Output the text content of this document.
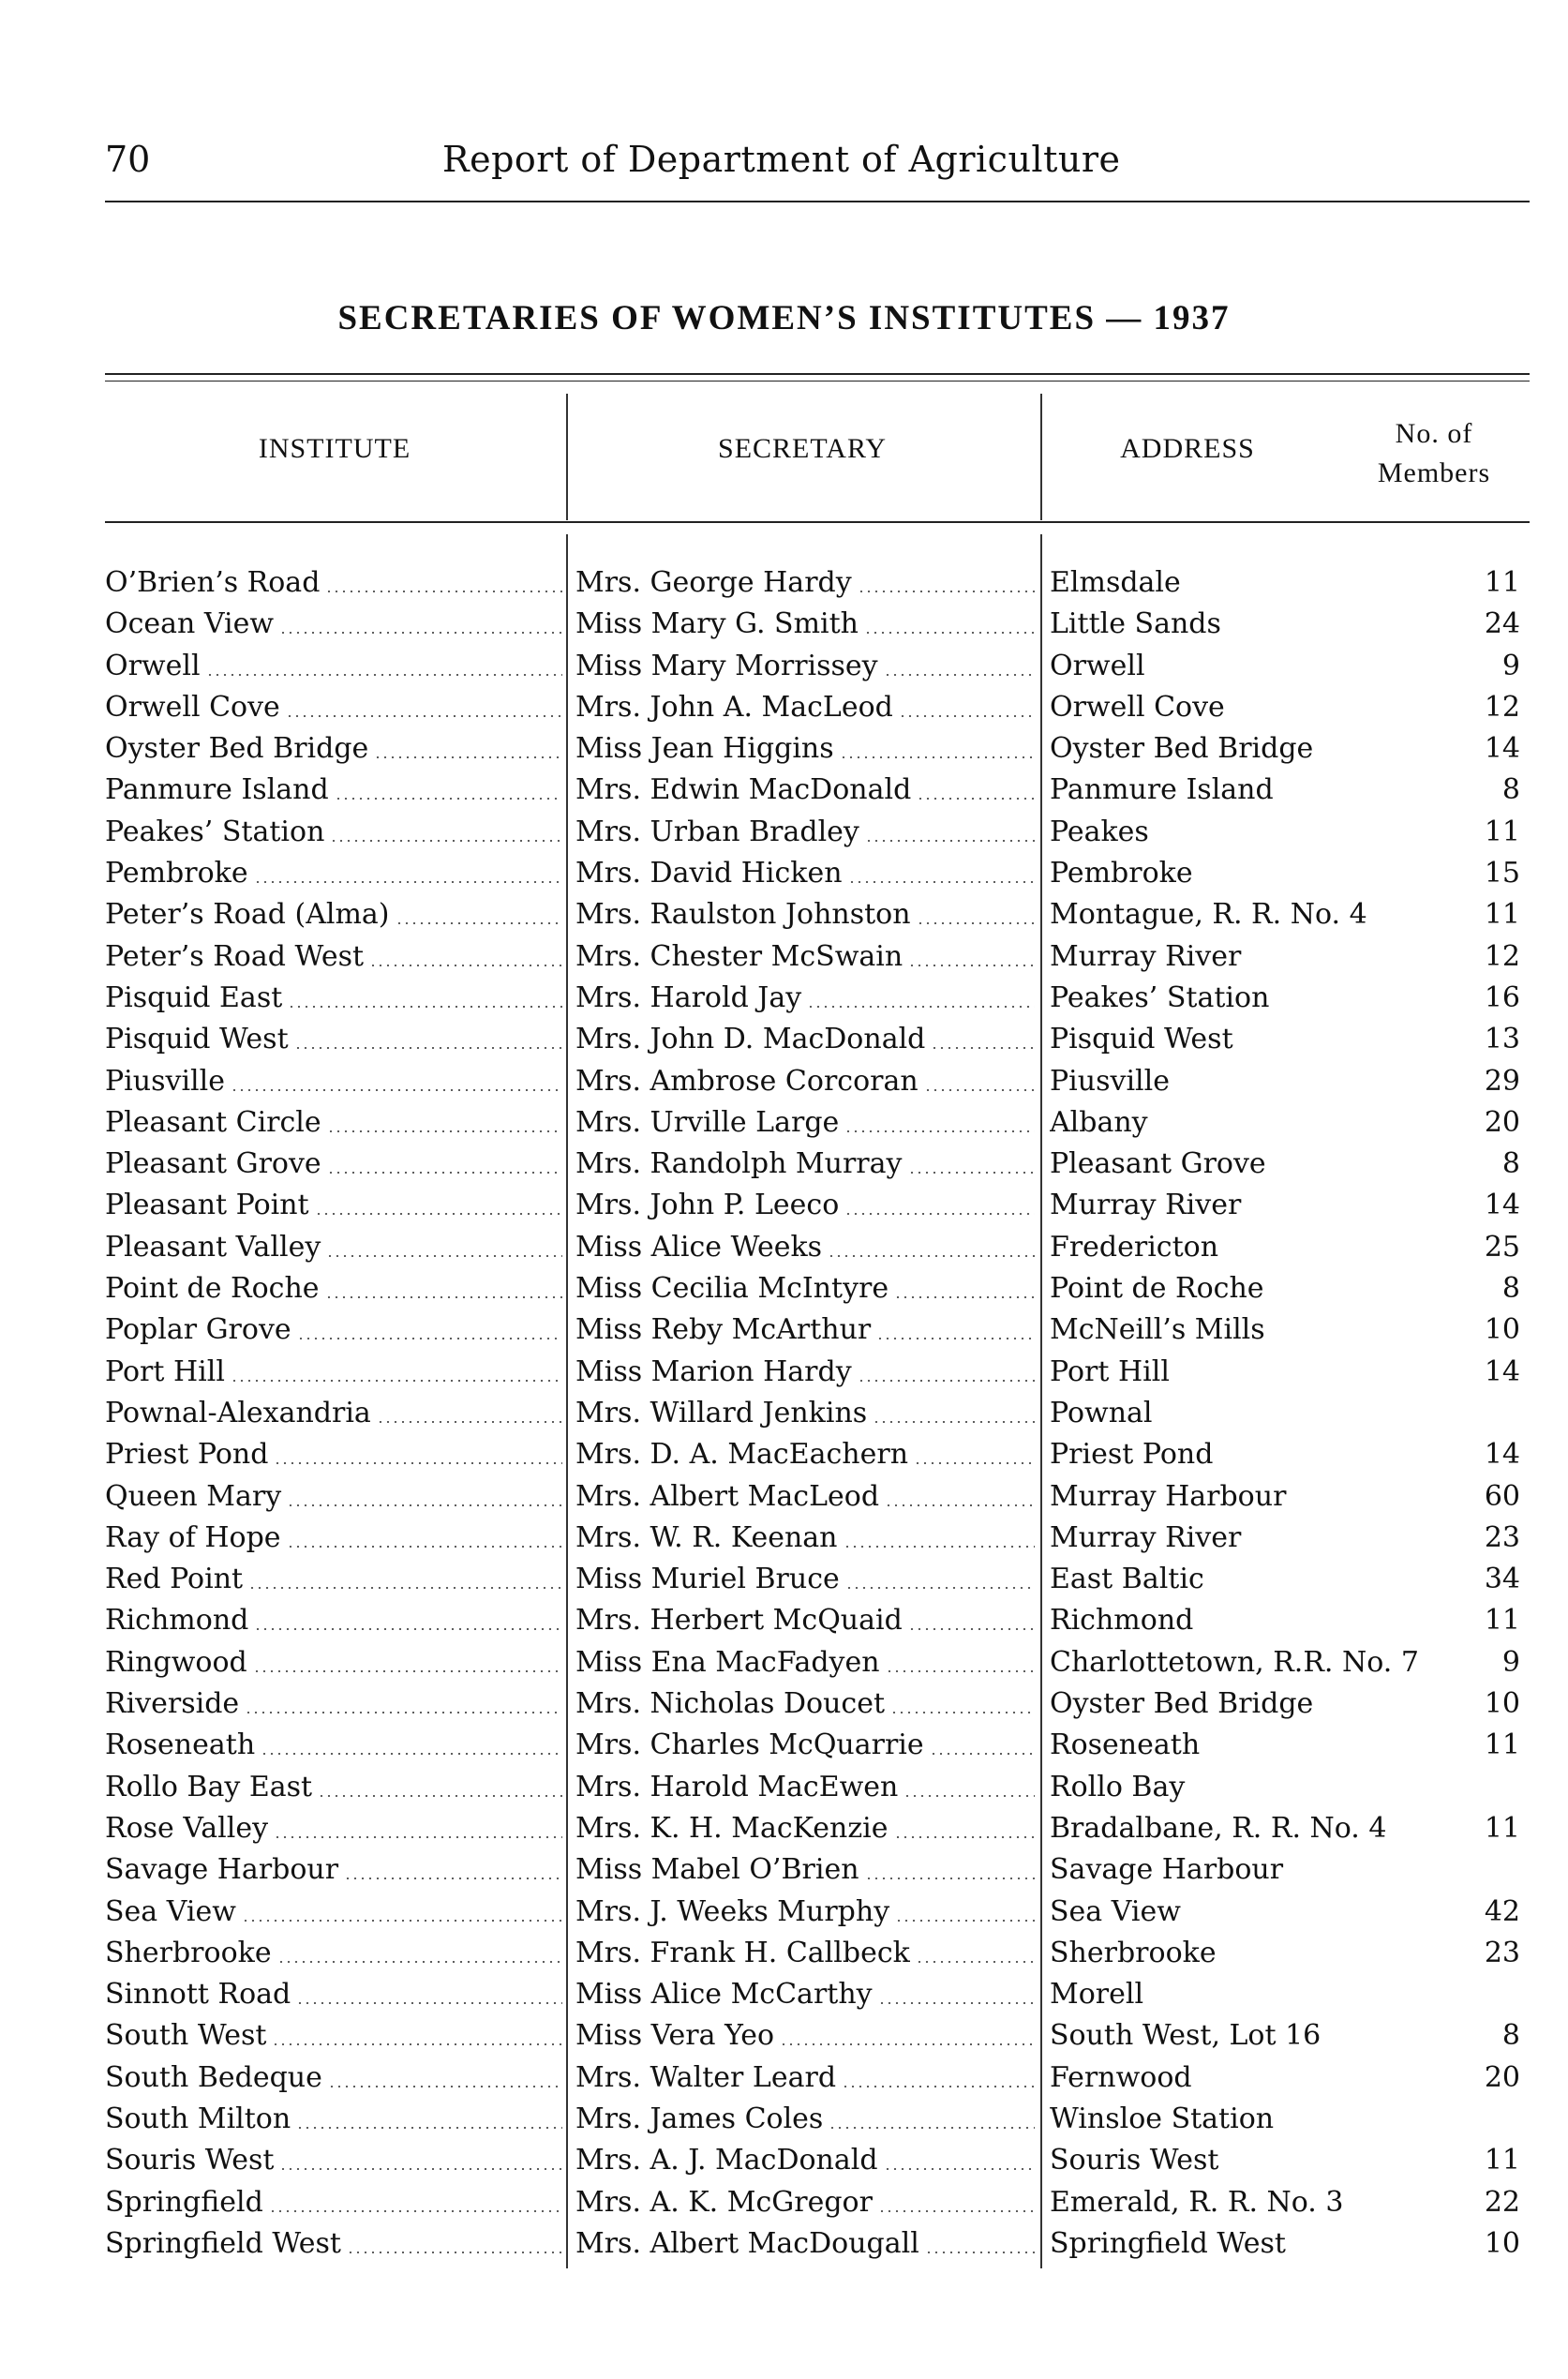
70	Report of Department of Agriculture
SECRETARIES OF WOMEN’S INSTITUTES — 1937
INSTITUTE	SECRETARY	ADDRESS	No. of
Members
O’Brien’s Road	Mrs. George Hardy	Elmsdale	11
Ocean View	Miss Mary G. Smith	Little Sands	24
Orwell	Miss Mary Morrissey	Orwell	9
Orwell Cove	Mrs. John A. MacLeod	Orwell Cove	12
Oyster Bed Bridge	Miss Jean Higgins	Oyster Bed Bridge	14
Panmure Island	Mrs. Edwin MacDonald	Panmure Island	8
Peakes’ Station	Mrs. Urban Bradley	Peakes	11
Pembroke	Mrs. David Hicken	Pembroke	15
Peter’s Road (Alma)	Mrs. Raulston Johnston	Montague, R. R. No. 4	11
Peter’s Road West	Mrs. Chester McSwain	Murray River	12
Pisquid East	Mrs. Harold Jay	Peakes’ Station	16
Pisquid West	Mrs. John D. MacDonald	Pisquid West	13
Piusville	Mrs. Ambrose Corcoran	Piusville	29
Pleasant Circle	Mrs. Urville Large	Albany	20
Pleasant Grove	Mrs. Randolph Murray	Pleasant Grove	8
Pleasant Point	Mrs. John P. Leeco	Murray River	14
Pleasant Valley	Miss Alice Weeks	Fredericton	25
Point de Roche	Miss Cecilia McIntyre	Point de Roche	8
Poplar Grove	Miss Reby McArthur	McNeill’s Mills	10
Port Hill	Miss Marion Hardy	Port Hill	14
Pownal-Alexandria	Mrs. Willard Jenkins	Pownal
Priest Pond	Mrs. D. A. MacEachern	Priest Pond	14
Queen Mary	Mrs. Albert MacLeod	Murray Harbour	60
Ray of Hope	Mrs. W. R. Keenan	Murray River	23
Red Point	Miss Muriel Bruce	East Baltic	34
Richmond	Mrs. Herbert McQuaid	Richmond	11
Ringwood	Miss Ena MacFadyen	Charlottetown, R.R. No. 7	9
Riverside	Mrs. Nicholas Doucet	Oyster Bed Bridge	10
Roseneath	Mrs. Charles McQuarrie	Roseneath	11
Rollo Bay East	Mrs. Harold MacEwen	Rollo Bay
Rose Valley	Mrs. K. H. MacKenzie	Bradalbane, R. R. No. 4	11
Savage Harbour	Miss Mabel O’Brien	Savage Harbour
Sea View	Mrs. J. Weeks Murphy	Sea View	42
Sherbrooke	Mrs. Frank H. Callbeck	Sherbrooke	23
Sinnott Road	Miss Alice McCarthy	Morell
South West	Miss Vera Yeo	South West, Lot 16	8
South Bedeque	Mrs. Walter Leard	Fernwood	20
South Milton	Mrs. James Coles	Winsloe Station
Souris West	Mrs. A. J. MacDonald	Souris West	11
Springfield	Mrs. A. K. McGregor	Emerald, R. R. No. 3	22
Springfield West	Mrs. Albert MacDougall	Springfield West	10
